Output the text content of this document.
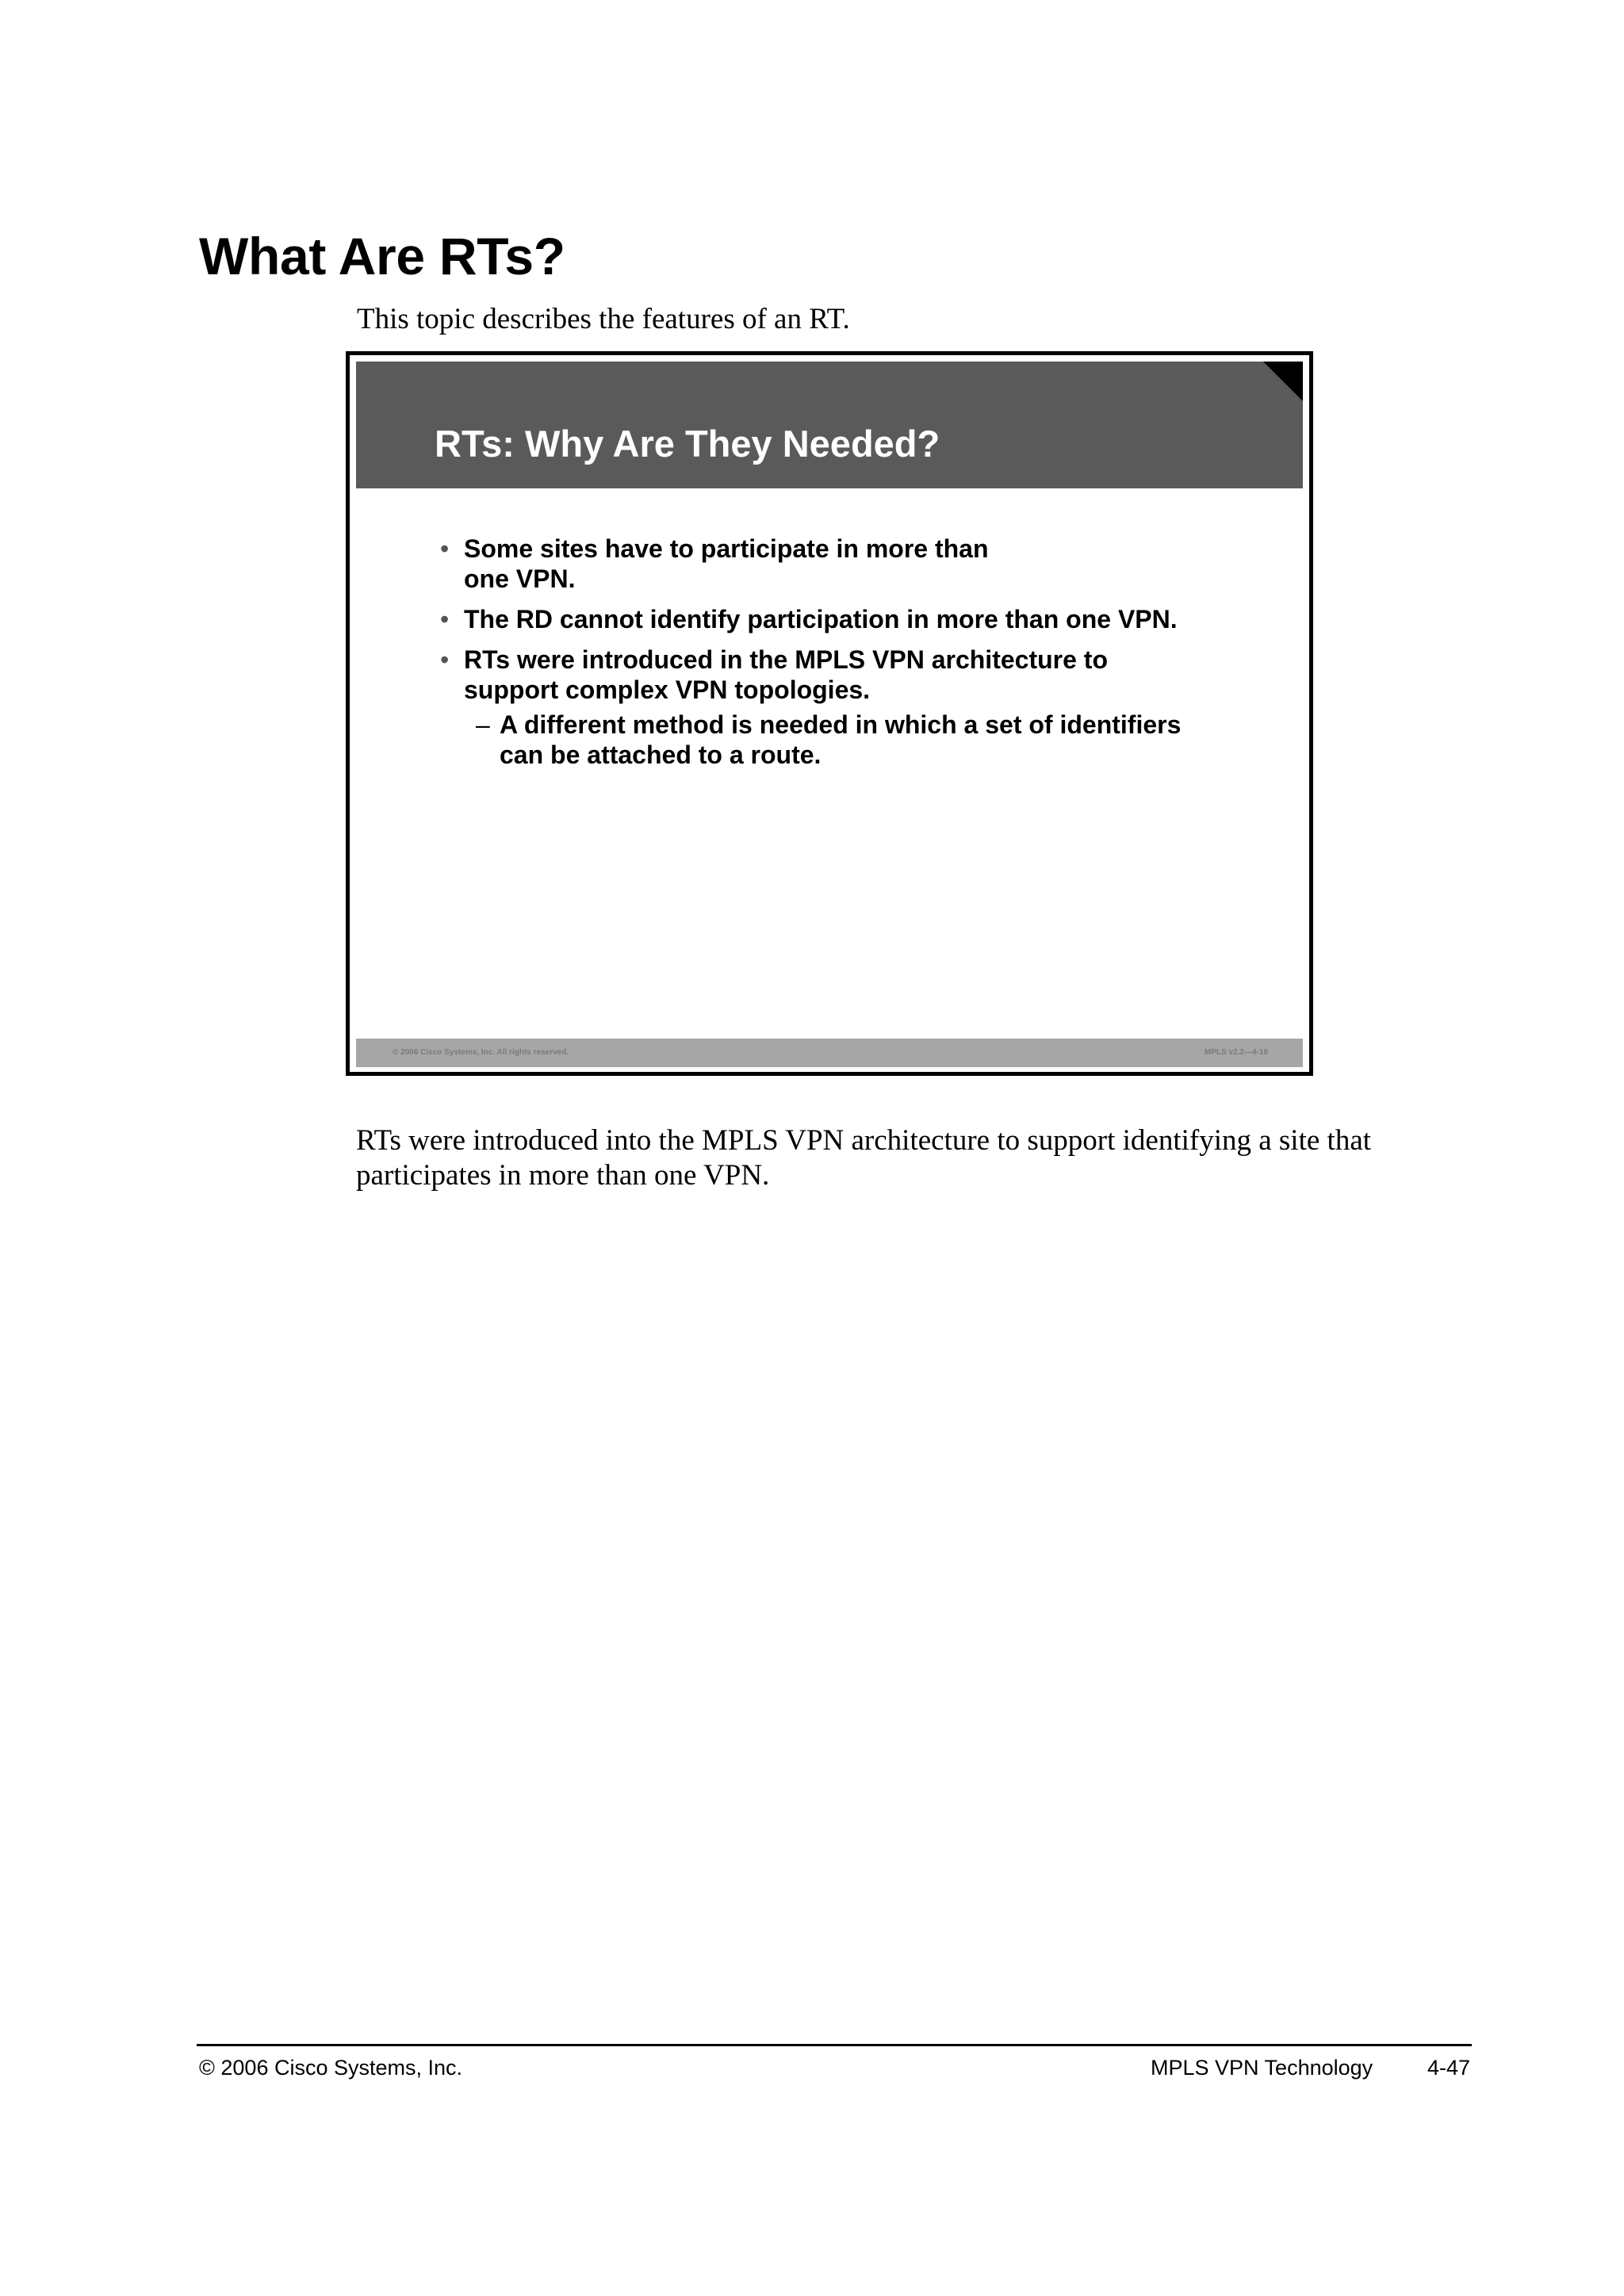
What Are RTs?

This topic describes the features of an RT.

RTs: Why Are They Needed?
• Some sites have to participate in more than one VPN.
• The RD cannot identify participation in more than one VPN.
• RTs were introduced in the MPLS VPN architecture to support complex VPN topologies.
– A different method is needed in which a set of identifiers can be attached to a route.
© 2006 Cisco Systems, Inc. All rights reserved.	MPLS v2.2—4-18

RTs were introduced into the MPLS VPN architecture to support identifying a site that participates in more than one VPN.

© 2006 Cisco Systems, Inc.	MPLS VPN Technology	4-47
